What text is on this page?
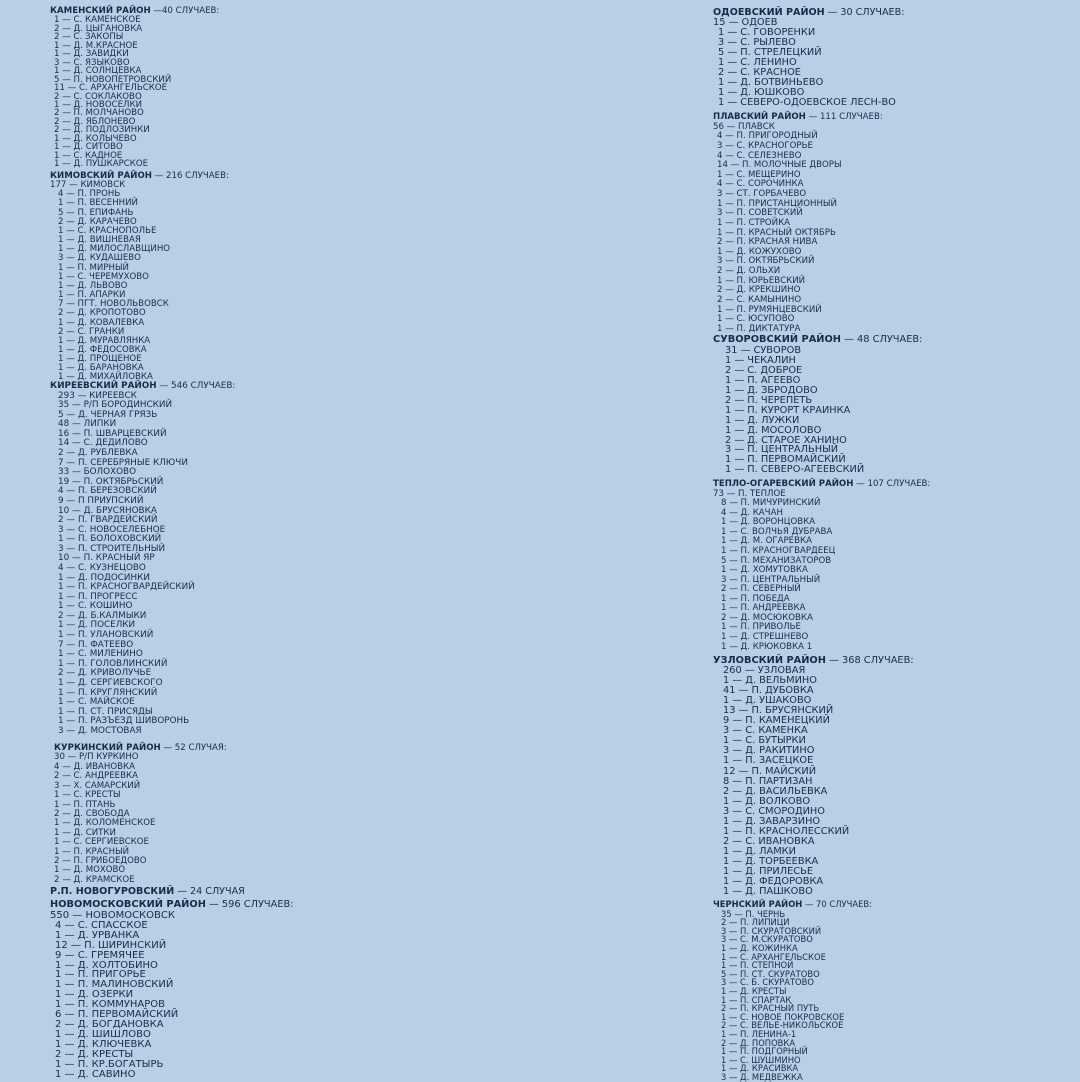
КАМЕНСКИЙ РАЙОН —40 СЛУЧАЕВ:
1 — С. КАМЕНСКОЕ
2 — Д. ЦЫГАНОВКА
2 — С. ЗАКОПЫ
1 — Д. М.КРАСНОЕ
1 — Д. ЗАВИДКИ
3 — С. ЯЗЫКОВО
1 — Д. СОЛНЦЕВКА
5 — П. НОВОПЕТРОВСКИЙ
11 — С. АРХАНГЕЛЬСКОЕ
2 — С. СОКЛАКОВО
1 — Д. НОВОСЕЛКИ
2 — П. МОЛЧАНОВО
2 — Д. ЯБЛОНЕВО
2 — Д. ПОДЛОЗИНКИ
1 — Д. КОЛЫЧЕВО
1 — Д. СИТОВО
1 — С. КАДНОЕ
1 — Д. ПУШКАРСКОЕ
КИМОВСКИЙ РАЙОН — 216 СЛУЧАЕВ:
177 — КИМОВСК
4 — П. ПРОНЬ
1 — П. ВЕСЕННИЙ
5 — П. ЕПИФАНЬ
2 — Д. КАРАЧЕВО
1 — С. КРАСНОПОЛЬЕ
1 — Д. ВИШНЕВАЯ
1 — Д. МИЛОСЛАВЩИНО
3 — Д. КУДАШЕВО
1 — П. МИРНЫЙ
1 — С. ЧЕРЕМУХОВО
1 — Д. ЛЬВОВО
1 — П. АПАРКИ
7 — ПГТ. НОВОЛЬВОВСК
2 — Д. КРОПОТОВО
1 — Д. КОВАЛЕВКА
2 — С. ГРАНКИ
1 — Д. МУРАВЛЯНКА
1 — Д. ФЕДОСОВКА
1 — Д. ПРОЩЕНОЕ
1 — Д. БАРАНОВКА
1 — Д. МИХАЙЛОВКА
КИРЕЕВСКИЙ РАЙОН — 546 СЛУЧАЕВ:
293 — КИРЕЕВСК
35 — Р/П БОРОДИНСКИЙ
5 — Д. ЧЕРНАЯ ГРЯЗЬ
48 — ЛИПКИ
16 — П. ШВАРЦЕВСКИЙ
14 — С. ДЕДИЛОВО
2 — Д. РУБЛЕВКА
7 — П. СЕРЕБРЯНЫЕ КЛЮЧИ
33 — БОЛОХОВО
19 — П. ОКТЯБРЬСКИЙ
4 — П. БЕРЕЗОВСКИЙ
9 — П ПРИУПСКИЙ
10 — Д. БРУСЯНОВКА
2 — П. ГВАРДЕЙСКИЙ
3 — С. НОВОСЕЛЕБНОЕ
1 — П. БОЛОХОВСКИЙ
3 — П. СТРОИТЕЛЬНЫЙ
10 — П. КРАСНЫЙ ЯР
4 — С. КУЗНЕЦОВО
1 — Д. ПОДОСИНКИ
1 — П. КРАСНОГВАРДЕЙСКИЙ
1 — П. ПРОГРЕСС
1 — С. КОШИНО
2 — Д. Б.КАЛМЫКИ
1 — Д. ПОСЕЛКИ
1 — П. УЛАНОВСКИЙ
7 — П. ФАТЕЕВО
1 — С. МИЛЕНИНО
1 — П. ГОЛОВЛИНСКИЙ
2 — Д. КРИВОЛУЧЬЕ
1 — Д. СЕРГИЕВСКОГО
1 — П. КРУГЛЯНСКИЙ
1 — С. МАЙСКОЕ
1 — П. СТ. ПРИСЯДЫ
1 — П. РАЗЪЕЗД ШИВОРОНЬ
3 — Д. МОСТОВАЯ
КУРКИНСКИЙ РАЙОН — 52 СЛУЧАЯ:
30 — Р/П КУРКИНО
4 — Д. ИВАНОВКА
2 — С. АНДРЕЕВКА
3 — Х. САМАРСКИЙ
1 — С. КРЕСТЫ
1 — П. ПТАНЬ
2 — Д. СВОБОДА
1 — Д. КОЛОМЕНСКОЕ
1 — Д. СИТКИ
1 — С. СЕРГИЕВСКОЕ
1 — П. КРАСНЫЙ
2 — П. ГРИБОЕДОВО
1 — Д. МОХОВО
2 — Д. КРАМСКОЕ
Р.П. НОВОГУРОВСКИЙ — 24 СЛУЧАЯ
НОВОМОСКОВСКИЙ РАЙОН — 596 СЛУЧАЕВ:
550 — НОВОМОСКОВСК
4 — С. СПАССКОЕ
1 — Д. УРВАНКА
12 — П. ШИРИНСКИЙ
9 — С. ГРЕМЯЧЕЕ
1 — Д. ХОЛТОБИНО
1 — П. ПРИГОРЬЕ
1 — П. МАЛИНОВСКИЙ
1 — Д. ОЗЕРКИ
1 — П. КОММУНАРОВ
6 — П. ПЕРВОМАЙСКИЙ
2 — Д. БОГДАНОВКА
1 — Д. ШИШЛОВО
1 — Д. КЛЮЧЕВКА
2 — Д. КРЕСТЫ
1 — П. КР.БОГАТЫРЬ
1 — Д. САВИНО
ОДОЕВСКИЙ РАЙОН — 30 СЛУЧАЕВ:
15 — ОДОЕВ
1 — С. ГОВОРЕНКИ
3 — С. РЫЛЕВО
5 — П. СТРЕЛЕЦКИЙ
1 — С. ЛЕНИНО
2 — С. КРАСНОЕ
1 — Д. БОТВИНЬЕВО
1 — Д. ЮШКОВО
1 — СЕВЕРО-ОДОЕВСКОЕ ЛЕСН-ВО
ПЛАВСКИЙ РАЙОН — 111 СЛУЧАЕВ:
56 — ПЛАВСК
4 — П. ПРИГОРОДНЫЙ
3 — С. КРАСНОГОРЬЕ
4 — С. СЕЛЕЗНЕВО
14 — П. МОЛОЧНЫЕ ДВОРЫ
1 — С. МЕЩЕРИНО
4 — С. СОРОЧИНКА
3 — СТ. ГОРБАЧЕВО
1 — П. ПРИСТАНЦИОННЫЙ
3 — П. СОВЕТСКИЙ
1 — П. СТРОЙКА
1 — П. КРАСНЫЙ ОКТЯБРЬ
2 — П. КРАСНАЯ НИВА
1 — Д. КОЖУХОВО
3 — П. ОКТЯБРЬСКИЙ
2 — Д. ОЛЬХИ
1 — П. ЮРЬЕВСКИЙ
2 — Д. КРЕКШИНО
2 — С. КАМЫНИНО
1 — П. РУМЯНЦЕВСКИЙ
1 — С. ЮСУПОВО
1 — П. ДИКТАТУРА
СУВОРОВСКИЙ РАЙОН — 48 СЛУЧАЕВ:
31 — СУВОРОВ
1 — ЧЕКАЛИН
2 — С. ДОБРОЕ
1 — П. АГЕЕВО
1 — Д. ЗБРОДОВО
2 — П. ЧЕРЕПЕТЬ
1 — П. КУРОРТ КРАИНКА
1 — Д. ЛУЖКИ
1 — Д. МОСОЛОВО
2 — Д. СТАРОЕ ХАНИНО
3 — П. ЦЕНТРАЛЬНЫЙ
1 — П. ПЕРВОМАЙСКИЙ
1 — П. СЕВЕРО-АГЕЕВСКИЙ
ТЕПЛО-ОГАРЕВСКИЙ РАЙОН — 107 СЛУЧАЕВ:
73 — П. ТЕПЛОЕ
8 — П. МИЧУРИНСКИЙ
4 — Д. КАЧАН
1 — Д. ВОРОНЦОВКА
1 — С. ВОЛЧЬЯ ДУБРАВА
1 — Д. М. ОГАРЕВКА
1 — П. КРАСНОГВАРДЕЕЦ
5 — П. МЕХАНИЗАТОРОВ
1 — Д. ХОМУТОВКА
3 — П. ЦЕНТРАЛЬНЫЙ
2 — П. СЕВЕРНЫЙ
1 — П. ПОБЕДА
1 — П. АНДРЕЕВКА
2 — Д. МОСЮКОВКА
1 — П. ПРИВОЛЬЕ
1 — Д. СТРЕШНЕВО
1 — Д. КРЮКОВКА 1
УЗЛОВСКИЙ РАЙОН — 368 СЛУЧАЕВ:
260 — УЗЛОВАЯ
1 — Д. ВЕЛЬМИНО
41 — П. ДУБОВКА
1 — Д. УШАКОВО
13 — П. БРУСЯНСКИЙ
9 — П. КАМЕНЕЦКИЙ
3 — С. КАМЕНКА
1 — С. БУТЫРКИ
3 — Д. РАКИТИНО
1 — П. ЗАСЕЦКОЕ
12 — П. МАЙСКИЙ
8 — П. ПАРТИЗАН
2 — Д. ВАСИЛЬЕВКА
1 — Д. ВОЛКОВО
3 — С. СМОРОДИНО
1 — Д. ЗАВАРЗИНО
1 — П. КРАСНОЛЕССКИЙ
2 — С. ИВАНОВКА
1 — Д. ЛАМКИ
1 — Д. ТОРБЕЕВКА
1 — Д. ПРИЛЕСЬЕ
1 — Д. ФЕДОРОВКА
1 — Д. ПАШКОВО
ЧЕРНСКИЙ РАЙОН — 70 СЛУЧАЕВ:
35 — П. ЧЕРНЬ
2 — П. ЛИПИЦИ
3 — П. СКУРАТОВСКИЙ
3 — С. М.СКУРАТОВО
1 — Д. КОЖИНКА
1 — С. АРХАНГЕЛЬСКОЕ
1 — П. СТЕПНОЙ
5 — П. СТ. СКУРАТОВО
3 — С. Б. СКУРАТОВО
1 — Д. КРЕСТЫ
1 — П. СПАРТАК
2 — П. КРАСНЫЙ ПУТЬ
1 — С. НОВОЕ ПОКРОВСКОЕ
2 — С. ВЕЛЬЕ-НИКОЛЬСКОЕ
1 — П. ЛЕНИНА-1
2 — Д. ПОПОВКА
1 — П. ПОДГОРНЫЙ
1 — С. ШУШМИНО
1 — Д. КРАСИВКА
3 — Д. МЕДВЕЖКА
